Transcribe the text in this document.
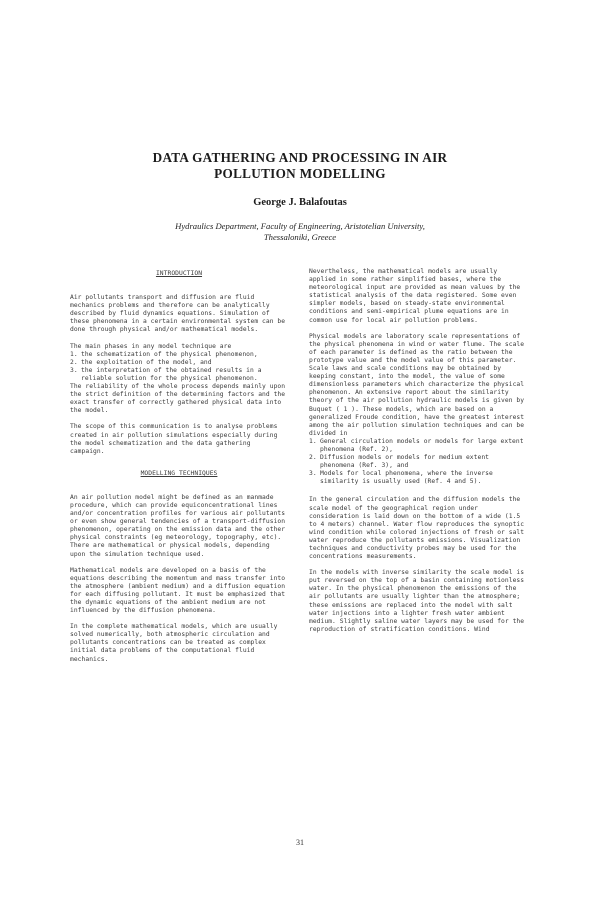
DATA GATHERING AND PROCESSING IN AIR
POLLUTION MODELLING
George J. Balafoutas
Hydraulics Department, Faculty of Engineering, Aristotelian University,
Thessaloniki, Greece
INTRODUCTION

Air pollutants transport and diffusion are fluid mechanics problems and therefore can be analytically described by fluid dynamics equations. Simulation of these phenomena in a certain environmental system can be done through physical and/or mathematical models.

The main phases in any model technique are
1. the schematization of the physical phenomenon,
2. the exploitation of the model, and
3. the interpretation of the obtained results in a reliable solution for the physical phenomenon.

The reliability of the whole process depends mainly upon the strict definition of the determining factors and the exact transfer of correctly gathered physical data into the model.

The scope of this communication is to analyse problems created in air pollution simulations especially during the model schematization and the data gathering campaign.

MODELLING TECHNIQUES

An air pollution model might be defined as an manmade procedure, which can provide equiconcentrational lines and/or concentration profiles for various air pollutants or even show general tendencies of a transport-diffusion phenomenon, operating on the emission data and the other physical constraints (eg meteorology, topography, etc). There are mathematical or physical models, depending upon the simulation technique used.

Mathematical models are developed on a basis of the equations describing the momentum and mass transfer into the atmosphere (ambient medium) and a diffusion equation for each diffusing pollutant. It must be emphasized that the dynamic equations of the ambient medium are not influenced by the diffusion phenomena.

In the complete mathematical models, which are usually solved numerically, both atmospheric circulation and pollutants concentrations can be treated as complex initial data problems of the computational fluid mechanics.

Nevertheless, the mathematical models are usually applied in some rather simplified bases, where the meteorological input are provided as mean values by the statistical analysis of the data registered. Some even simpler models, based on steady-state environmental conditions and semi-empirical plume equations are in common use for local air pollution problems.

Physical models are laboratory scale representations of the physical phenomena in wind or water flume. The scale of each parameter is defined as the ratio between the prototype value and the model value of this parameter. Scale laws and scale conditions may be obtained by keeping constant, into the model, the value of some dimensionless parameters which characterize the physical phenomenon. An extensive report about the similarity theory of the air pollution hydraulic models is given by Buquet ( 1 ). These models, which are based on a generalized Froude condition, have the greatest interest among the air pollution simulation techniques and can be divided in

1. General circulation models or models for large extent phenomena (Ref. 2),
2. Diffusion models or models for medium extent phenomena (Ref. 3), and
3. Models for local phenomena, where the inverse similarity is usually used (Ref. 4 and 5).

In the general circulation and the diffusion models the scale model of the geographical region under consideration is laid down on the bottom of a wide (1.5 to 4 meters) channel. Water flow reproduces the synoptic wind condition while colored injections of fresh or salt water reproduce the pollutants emissions. Visualization techniques and conductivity probes may be used for the concentrations measurements.

In the models with inverse similarity the scale model is put reversed on the top of a basin containing motionless water. In the physical phenomenon the emissions of the air pollutants are usually lighter than the atmosphere; these emissions are replaced into the model with salt water injections into a lighter fresh water ambient medium. Slightly saline water layers may be used for the reproduction of stratification conditions. Wind

31
